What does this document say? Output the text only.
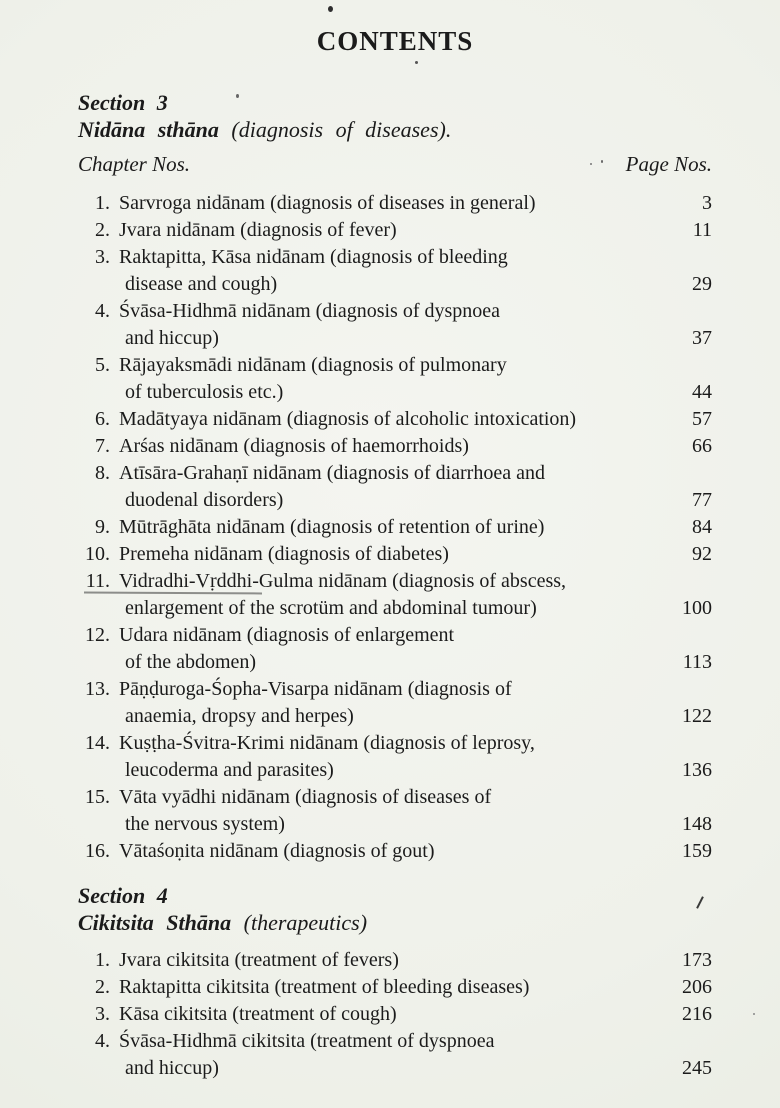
CONTENTS
Section 3
Nidāna sthāna (diagnosis of diseases).
Chapter Nos.	Page Nos.
1. Sarvroga nidānam (diagnosis of diseases in general)	3
2. Jvara nidānam (diagnosis of fever)	11
3. Raktapitta, Kāsa nidānam (diagnosis of bleeding
disease and cough)	29
4. Śvāsa-Hidhmā nidānam (diagnosis of dyspnoea
and hiccup)	37
5. Rājayaksmādi nidānam (diagnosis of pulmonary
of tuberculosis etc.)	44
6. Madātyaya nidānam (diagnosis of alcoholic intoxication)	57
7. Arśas nidānam (diagnosis of haemorrhoids)	66
8. Atīsāra-Grahaṇī nidānam (diagnosis of diarrhoea and
duodenal disorders)	77
9. Mūtrāghāta nidānam (diagnosis of retention of urine)	84
10. Premeha nidānam (diagnosis of diabetes)	92
11. Vidradhi-Vṛddhi-Gulma nidānam (diagnosis of abscess,
enlargement of the scrotüm and abdominal tumour)	100
12. Udara nidānam (diagnosis of enlargement
of the abdomen)	113
13. Pāṇḍuroga-Śopha-Visarpa nidānam (diagnosis of
anaemia, dropsy and herpes)	122
14. Kuṣṭha-Śvitra-Krimi nidānam (diagnosis of leprosy,
leucoderma and parasites)	136
15. Vāta vyādhi nidānam (diagnosis of diseases of
the nervous system)	148
16. Vātaśoṇita nidānam (diagnosis of gout)	159
Section 4
Cikitsita Sthāna (therapeutics)
1. Jvara cikitsita (treatment of fevers)	173
2. Raktapitta cikitsita (treatment of bleeding diseases)	206
3. Kāsa cikitsita (treatment of cough)	216
4. Śvāsa-Hidhmā cikitsita (treatment of dyspnoea
and hiccup)	245
